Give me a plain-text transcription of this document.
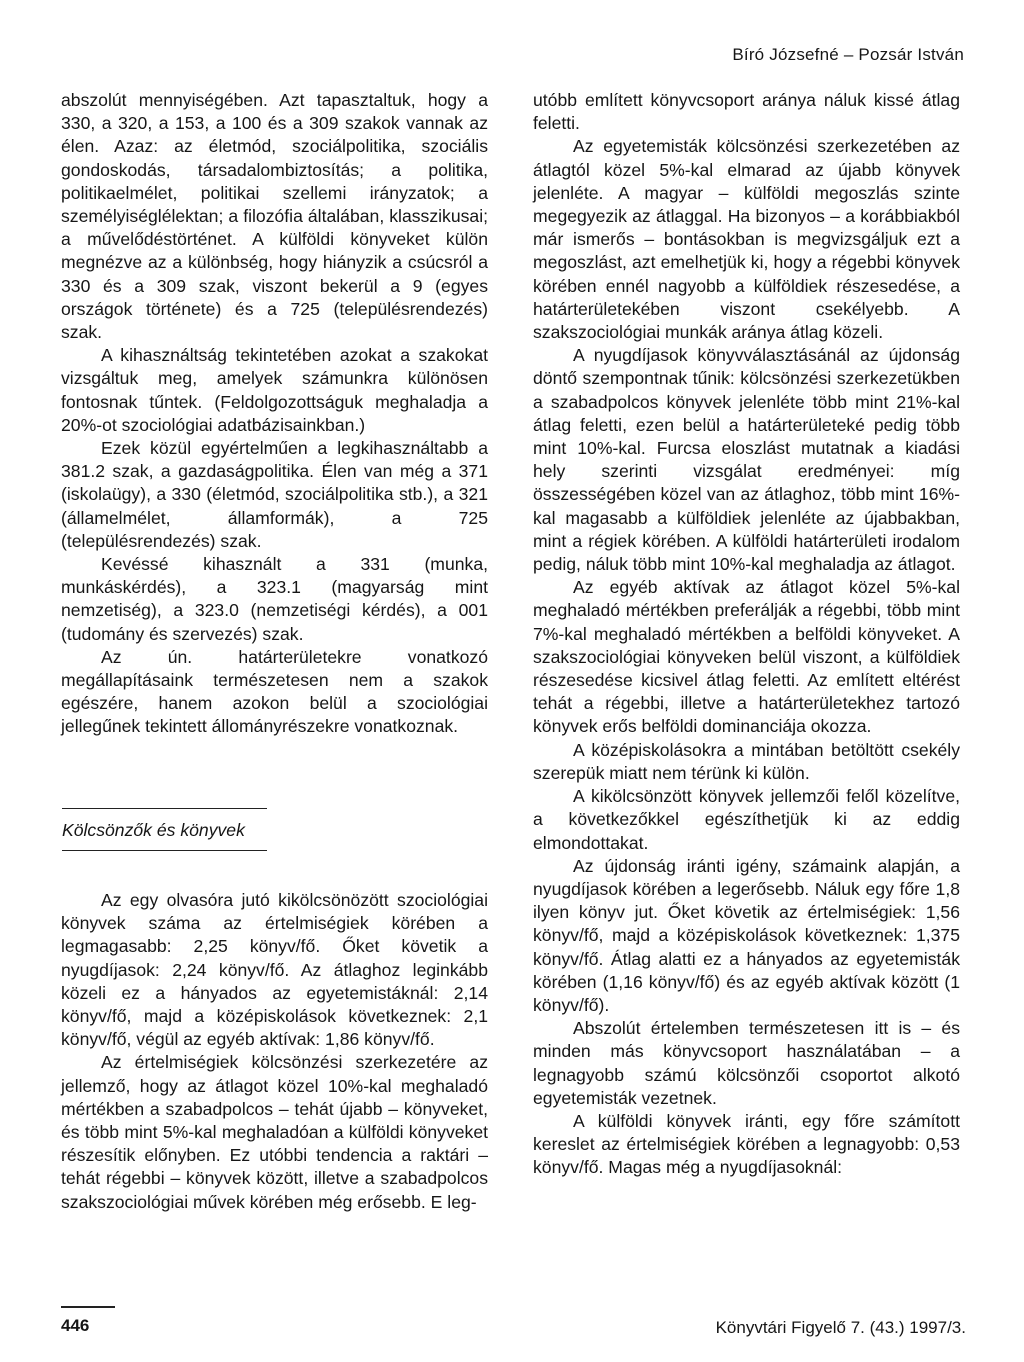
Bíró Józsefné – Pozsár István

abszolút mennyiségében. Azt tapasztaltuk, hogy a 330, a 320, a 153, a 100 és a 309 szakok vannak az élen. Azaz: az életmód, szociálpolitika, szociális gondoskodás, társadalombiztosítás; a politika, politikaelmélet, politikai szellemi irányzatok; a személyiséglélektan; a filozófia általában, klasszikusai; a művelődéstörténet. A külföldi könyveket külön megnézve az a különbség, hogy hiányzik a csúcsról a 330 és a 309 szak, viszont bekerül a 9 (egyes országok története) és a 725 (településrendezés) szak.

A kihasználtság tekintetében azokat a szakokat vizsgáltuk meg, amelyek számunkra különösen fontosnak tűntek. (Feldolgozottságuk meghaladja a 20%-ot szociológiai adatbázisainkban.)

Ezek közül egyértelműen a legkihasználtabb a 381.2 szak, a gazdaságpolitika. Élen van még a 371 (iskolaügy), a 330 (életmód, szociálpolitika stb.), a 321 (államelmélet, államformák), a 725 (településrendezés) szak.

Kevéssé kihasznált a 331 (munka, munkáskérdés), a 323.1 (magyarság mint nemzetiség), a 323.0 (nemzetiségi kérdés), a 001 (tudomány és szervezés) szak.

Az ún. határterületekre vonatkozó megállapításaink természetesen nem a szakok egészére, hanem azokon belül a szociológiai jellegűnek tekintett állományrészekre vonatkoznak.

Kölcsönzők és könyvek

Az egy olvasóra jutó kikölcsönözött szociológiai könyvek száma az értelmiségiek körében a legmagasabb: 2,25 könyv/fő. Őket követik a nyugdíjasok: 2,24 könyv/fő. Az átlaghoz leginkább közeli ez a hányados az egyetemistáknál: 2,14 könyv/fő, majd a középiskolások következnek: 2,1 könyv/fő, végül az egyéb aktívak: 1,86 könyv/fő.

Az értelmiségiek kölcsönzési szerkezetére az jellemző, hogy az átlagot közel 10%-kal meghaladó mértékben a szabadpolcos – tehát újabb – könyveket, és több mint 5%-kal meghaladóan a külföldi könyveket részesítik előnyben. Ez utóbbi tendencia a raktári – tehát régebbi – könyvek között, illetve a szabadpolcos szakszociológiai művek körében még erősebb. E leg-

utóbb említett könyvcsoport aránya náluk kissé átlag feletti.

Az egyetemisták kölcsönzési szerkezetében az átlagtól közel 5%-kal elmarad az újabb könyvek jelenléte. A magyar – külföldi megoszlás szinte megegyezik az átlaggal. Ha bizonyos – a korábbiakból már ismerős – bontásokban is megvizsgáljuk ezt a megoszlást, azt emelhetjük ki, hogy a régebbi könyvek körében ennél nagyobb a külföldiek részesedése, a határterületekében viszont csekélyebb. A szakszociológiai munkák aránya átlag közeli.

A nyugdíjasok könyvválasztásánál az újdonság döntő szempontnak tűnik: kölcsönzési szerkezetükben a szabadpolcos könyvek jelenléte több mint 21%-kal átlag feletti, ezen belül a határterületeké pedig több mint 10%-kal. Furcsa eloszlást mutatnak a kiadási hely szerinti vizsgálat eredményei: míg összességében közel van az átlaghoz, több mint 16%-kal magasabb a külföldiek jelenléte az újabbakban, mint a régiek körében. A külföldi határterületi irodalom pedig, náluk több mint 10%-kal meghaladja az átlagot.

Az egyéb aktívak az átlagot közel 5%-kal meghaladó mértékben preferálják a régebbi, több mint 7%-kal meghaladó mértékben a belföldi könyveket. A szakszociológiai könyveken belül viszont, a külföldiek részesedése kicsivel átlag feletti. Az említett eltérést tehát a régebbi, illetve a határterületekhez tartozó könyvek erős belföldi dominanciája okozza.

A középiskolásokra a mintában betöltött csekély szerepük miatt nem térünk ki külön.

A kikölcsönzött könyvek jellemzői felől közelítve, a következőkkel egészíthetjük ki az eddig elmondottakat.

Az újdonság iránti igény, számaink alapján, a nyugdíjasok körében a legerősebb. Náluk egy főre 1,8 ilyen könyv jut. Őket követik az értelmiségiek: 1,56 könyv/fő, majd a középiskolások következnek: 1,375 könyv/fő. Átlag alatti ez a hányados az egyetemisták körében (1,16 könyv/fő) és az egyéb aktívak között (1 könyv/fő).

Abszolút értelemben természetesen itt is – és minden más könyvcsoport használatában – a legnagyobb számú kölcsönzői csoportot alkotó egyetemisták vezetnek.

A külföldi könyvek iránti, egy főre számított kereslet az értelmiségiek körében a legnagyobb: 0,53 könyv/fő. Magas még a nyugdíjasoknál:

446	Könyvtári Figyelő 7. (43.) 1997/3.
